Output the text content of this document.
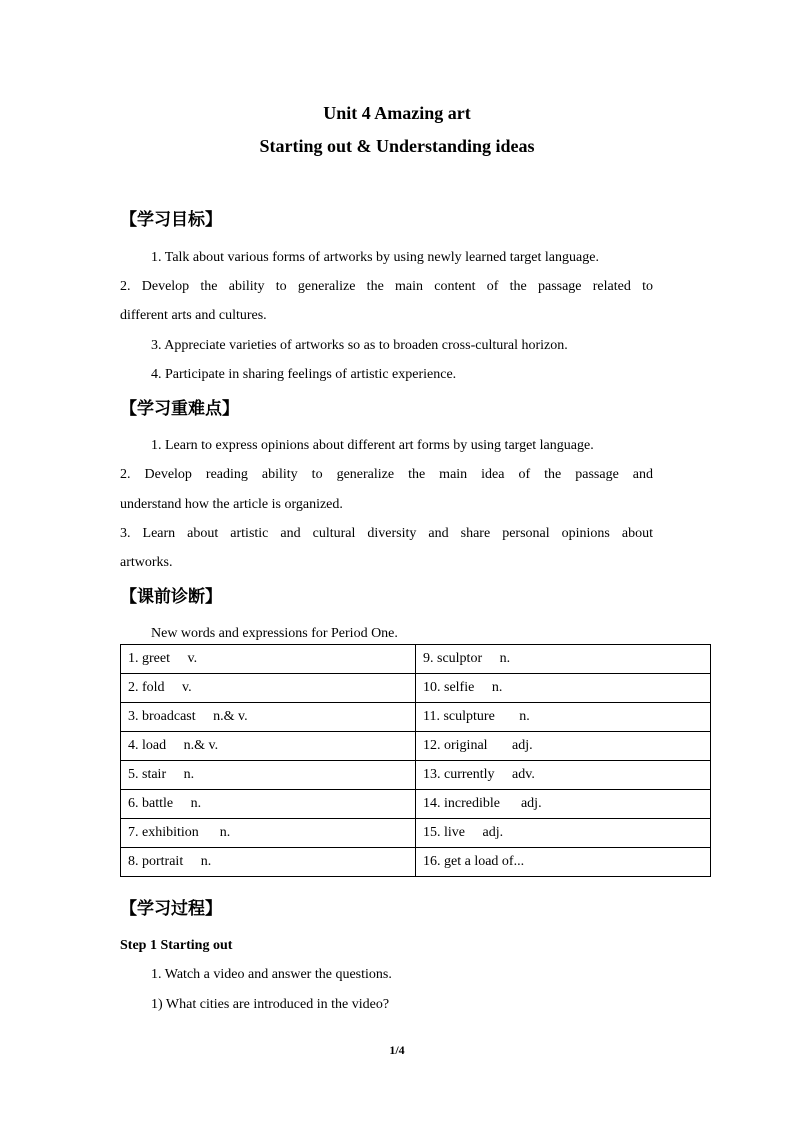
Unit 4 Amazing art
Starting out & Understanding ideas
【学习目标】
1. Talk about various forms of artworks by using newly learned target language.
2. Develop the ability to generalize the main content of the passage related to
different arts and cultures.
3. Appreciate varieties of artworks so as to broaden cross-cultural horizon.
4. Participate in sharing feelings of artistic experience.
【学习重难点】
1. Learn to express opinions about different art forms by using target language.
2. Develop reading ability to generalize the main idea of the passage and
understand how the article is organized.
3. Learn about artistic and cultural diversity and share personal opinions about
artworks.
【课前诊断】
New words and expressions for Period One.
1. greet     v.	9. sculptor     n.
2. fold     v.	10. selfie     n.
3. broadcast     n.& v.	11. sculpture       n.
4. load     n.& v.	12. original       adj.
5. stair     n.	13. currently     adv.
6. battle     n.	14. incredible      adj.
7. exhibition      n.	15. live     adj.
8. portrait     n.	16. get a load of...
【学习过程】
Step 1 Starting out
1. Watch a video and answer the questions.
1) What cities are introduced in the video?
1/4
